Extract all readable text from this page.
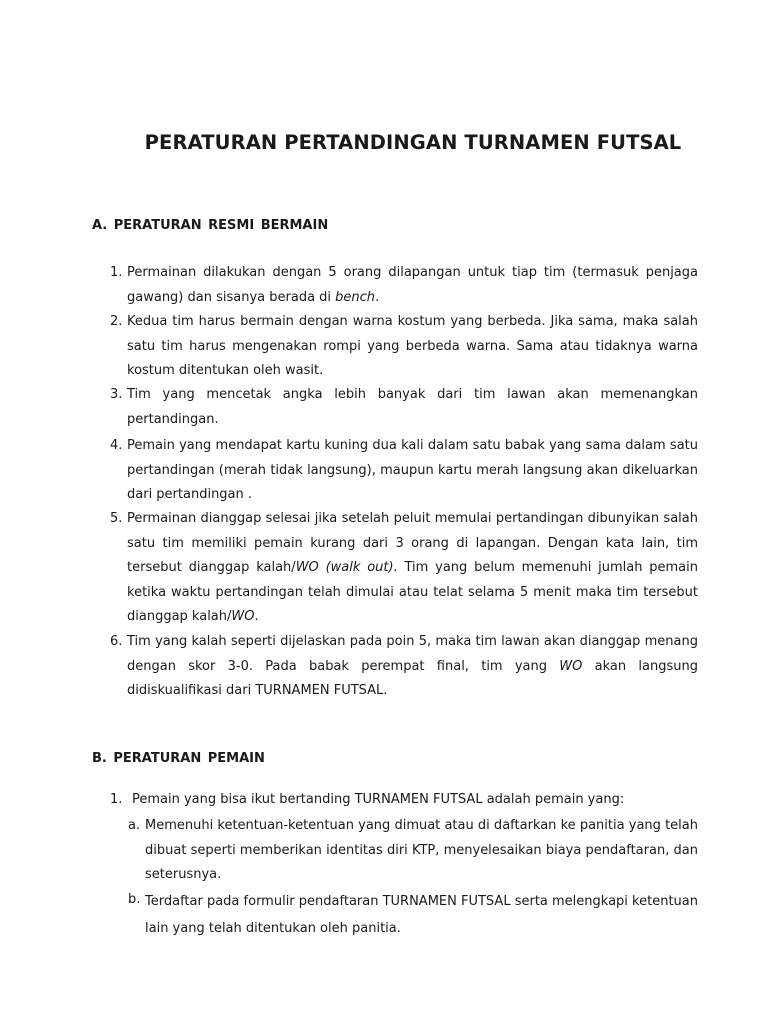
PERATURAN PERTANDINGAN TURNAMEN FUTSAL
A. PERATURAN RESMI BERMAIN
1. Permainan dilakukan dengan 5 orang dilapangan untuk tiap tim (termasuk penjaga gawang) dan sisanya berada di bench.
2. Kedua tim harus bermain dengan warna kostum yang berbeda. Jika sama, maka salah satu tim harus mengenakan rompi yang berbeda warna. Sama atau tidaknya warna kostum ditentukan oleh wasit.
3. Tim yang mencetak angka lebih banyak dari tim lawan akan memenangkan pertandingan.
4. Pemain yang mendapat kartu kuning dua kali dalam satu babak yang sama dalam satu pertandingan (merah tidak langsung), maupun kartu merah langsung akan dikeluarkan dari pertandingan .
5. Permainan dianggap selesai jika setelah peluit memulai pertandingan dibunyikan salah satu tim memiliki pemain kurang dari 3 orang di lapangan. Dengan kata lain, tim tersebut dianggap kalah/WO (walk out). Tim yang belum memenuhi jumlah pemain ketika waktu pertandingan telah dimulai atau telat selama 5 menit maka tim tersebut dianggap kalah/WO.
6. Tim yang kalah seperti dijelaskan pada poin 5, maka tim lawan akan dianggap menang dengan skor 3-0. Pada babak perempat final, tim yang WO akan langsung didiskualifikasi dari TURNAMEN FUTSAL.
B. PERATURAN PEMAIN
1. Pemain yang bisa ikut bertanding TURNAMEN FUTSAL adalah pemain yang:
a. Memenuhi ketentuan-ketentuan yang dimuat atau di daftarkan ke panitia yang telah dibuat seperti memberikan identitas diri KTP, menyelesaikan biaya pendaftaran, dan seterusnya.
b. Terdaftar pada formulir pendaftaran TURNAMEN FUTSAL serta melengkapi ketentuan lain yang telah ditentukan oleh panitia.
